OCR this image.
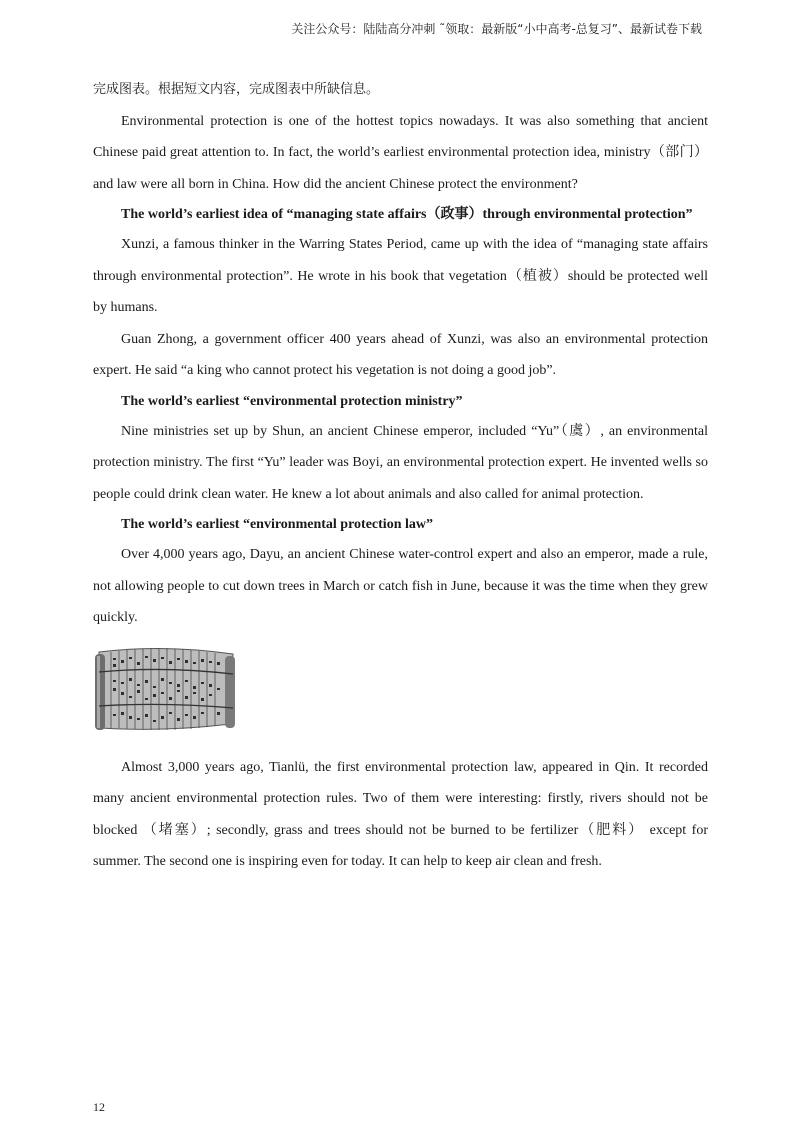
关注公众号：陆陆高分冲刺 ˜领取：最新版“小中高考-总复习”、最新试卷下载

完成图表。根据短文内容，完成图表中所缺信息。

Environmental protection is one of the hottest topics nowadays. It was also something that ancient Chinese paid great attention to. In fact, the world’s earliest environmental protection idea, ministry（部门）and law were all born in China. How did the ancient Chinese protect the environment?

The world’s earliest idea of “managing state affairs（政事）through environmental protection”

Xunzi, a famous thinker in the Warring States Period, came up with the idea of “managing state affairs through environmental protection”. He wrote in his book that vegetation（植被）should be protected well by humans.

Guan Zhong, a government officer 400 years ahead of Xunzi, was also an environmental protection expert. He said “a king who cannot protect his vegetation is not doing a good job”.

The world’s earliest “environmental protection ministry”

Nine ministries set up by Shun, an ancient Chinese emperor, included “Yu”（虞）, an environmental protection ministry. The first “Yu” leader was Boyi, an environmental protection expert. He invented wells so people could drink clean water. He knew a lot about animals and also called for animal protection.

The world’s earliest “environmental protection law”

Over 4,000 years ago, Dayu, an ancient Chinese water-control expert and also an emperor, made a rule, not allowing people to cut down trees in March or catch fish in June, because it was the time when they grew quickly.

Almost 3,000 years ago, Tianlü, the first environmental protection law, appeared in Qin. It recorded many ancient environmental protection rules. Two of them were interesting: firstly, rivers should not be blocked （堵塞）; secondly, grass and trees should not be burned to be fertilizer（肥料） except for summer. The second one is inspiring even for today. It can help to keep air clean and fresh.

12
